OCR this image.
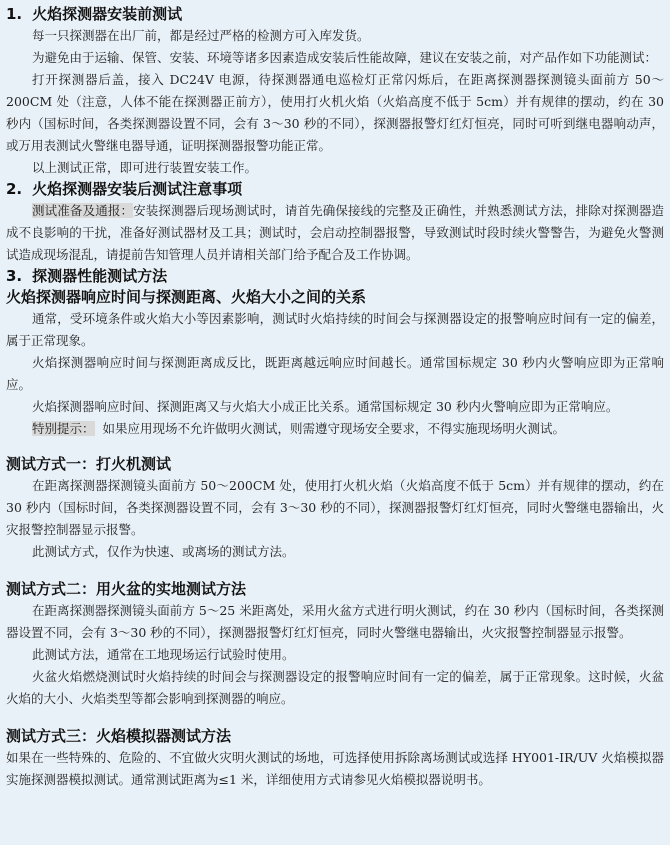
1. 火焰探测器安装前测试

每一只探测器在出厂前，都是经过严格的检测方可入库发货。

为避免由于运输、保管、安装、环境等诸多因素造成安装后性能故障，建议在安装之前，对产品作如下功能测试：

打开探测器后盖，接入 DC24V 电源，待探测器通电巡检灯正常闪烁后，在距离探测器探测镜头面前方 50～200CM 处（注意，人体不能在探测器正前方），使用打火机火焰（火焰高度不低于 5cm）并有规律的摆动，约在 30 秒内（国标时间，各类探测器设置不同，会有 3～30 秒的不同），探测器报警灯红灯恒亮，同时可听到继电器响动声，或万用表测试火警继电器导通，证明探测器报警功能正常。

以上测试正常，即可进行装置安装工作。

2. 火焰探测器安装后测试注意事项

测试准备及通报：安装探测器后现场测试时，请首先确保接线的完整及正确性，并熟悉测试方法，排除对探测器造成不良影响的干扰，准备好测试器材及工具；测试时，会启动控制器报警，导致测试时段时续火警警告，为避免火警测试造成现场混乱，请提前告知管理人员并请相关部门给予配合及工作协调。

3. 探测器性能测试方法
火焰探测器响应时间与探测距离、火焰大小之间的关系

通常，受环境条件或火焰大小等因素影响，测试时火焰持续的时间会与探测器设定的报警响应时间有一定的偏差，属于正常现象。

火焰探测器响应时间与探测距离成反比，既距离越远响应时间越长。通常国标规定 30 秒内火警响应即为正常响应。

火焰探测器响应时间、探测距离又与火焰大小成正比关系。通常国标规定 30 秒内火警响应即为正常响应。

特别提示： 如果应用现场不允许做明火测试，则需遵守现场安全要求，不得实施现场明火测试。

测试方式一：打火机测试

在距离探测器探测镜头面前方 50～200CM 处，使用打火机火焰（火焰高度不低于 5cm）并有规律的摆动，约在 30 秒内（国标时间，各类探测器设置不同，会有 3～30 秒的不同），探测器报警灯红灯恒亮，同时火警继电器输出，火灾报警控制器显示报警。

此测试方式，仅作为快速、或离场的测试方法。

测试方式二：用火盆的实地测试方法

在距离探测器探测镜头面前方 5～25 米距离处，采用火盆方式进行明火测试，约在 30 秒内（国标时间，各类探测器设置不同，会有 3～30 秒的不同），探测器报警灯红灯恒亮，同时火警继电器输出，火灾报警控制器显示报警。

此测试方法，通常在工地现场运行试验时使用。

火盆火焰燃烧测试时火焰持续的时间会与探测器设定的报警响应时间有一定的偏差，属于正常现象。这时候，火盆火焰的大小、火焰类型等都会影响到探测器的响应。

测试方式三：火焰模拟器测试方法

如果在一些特殊的、危险的、不宜做火灾明火测试的场地，可选择使用拆除离场测试或选择 HY001-IR/UV 火焰模拟器实施探测器模拟测试。通常测试距离为≤1 米，详细使用方式请参见火焰模拟器说明书。
